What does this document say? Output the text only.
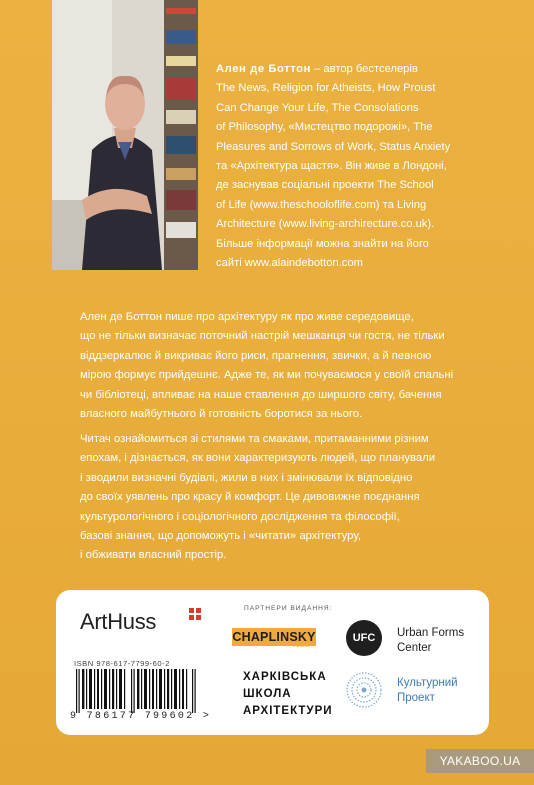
Ален де Боттон – автор бестселерів
The News, Religion for Atheists, How Proust
Can Change Your Life, The Consolations
of Philosophy, «Мистецтво подорожі», The
Pleasures and Sorrows of Work, Status Anxiety
та «Архітектура щастя». Він живе в Лондоні,
де заснував соціальні проекти The School
of Life (www.theschooloflife.com) та Living
Architecture (www.living-archirecture.co.uk).
Більше інформації можна знайти на його
сайті www.alaindebotton.com
Ален де Боттон пише про архітектуру як про живе середовище,
що не тільки визначає поточний настрій мешканця чи гостя, не тільки
віддзеркалює й викриває його риси, прагнення, звички, а й певною
мірою формує прийдешнє. Адже те, як ми почуваємося у своїй спальні
чи бібліотеці, впливає на наше ставлення до ширшого світу, бачення
власного майбутнього й готовність боротися за нього.
Читач ознайомиться зі стилями та смаками, притаманними різним
епохам, і дізнається, як вони характеризують людей, що планували
і зводили визначні будівлі, жили в них і змінювали їх відповідно
до своїх уявлень про красу й комфорт. Це дивовижне поєднання
культурологічного і соціологічного дослідження та філософії,
базові знання, що допоможуть і «читати» архітектуру,
і обживати власний простір.
ArtHuss
ISBN 978-617-7799-60-2
9 786177 799602 >
ПАРТНЕРИ ВИДАННЯ:
CHAPLINSKY
VLOG
UFC	Urban Forms
Center
ХАРКІВСЬКА
ШКОЛА
АРХІТЕКТУРИ
Культурний
Проект
YAKABOO.UA
